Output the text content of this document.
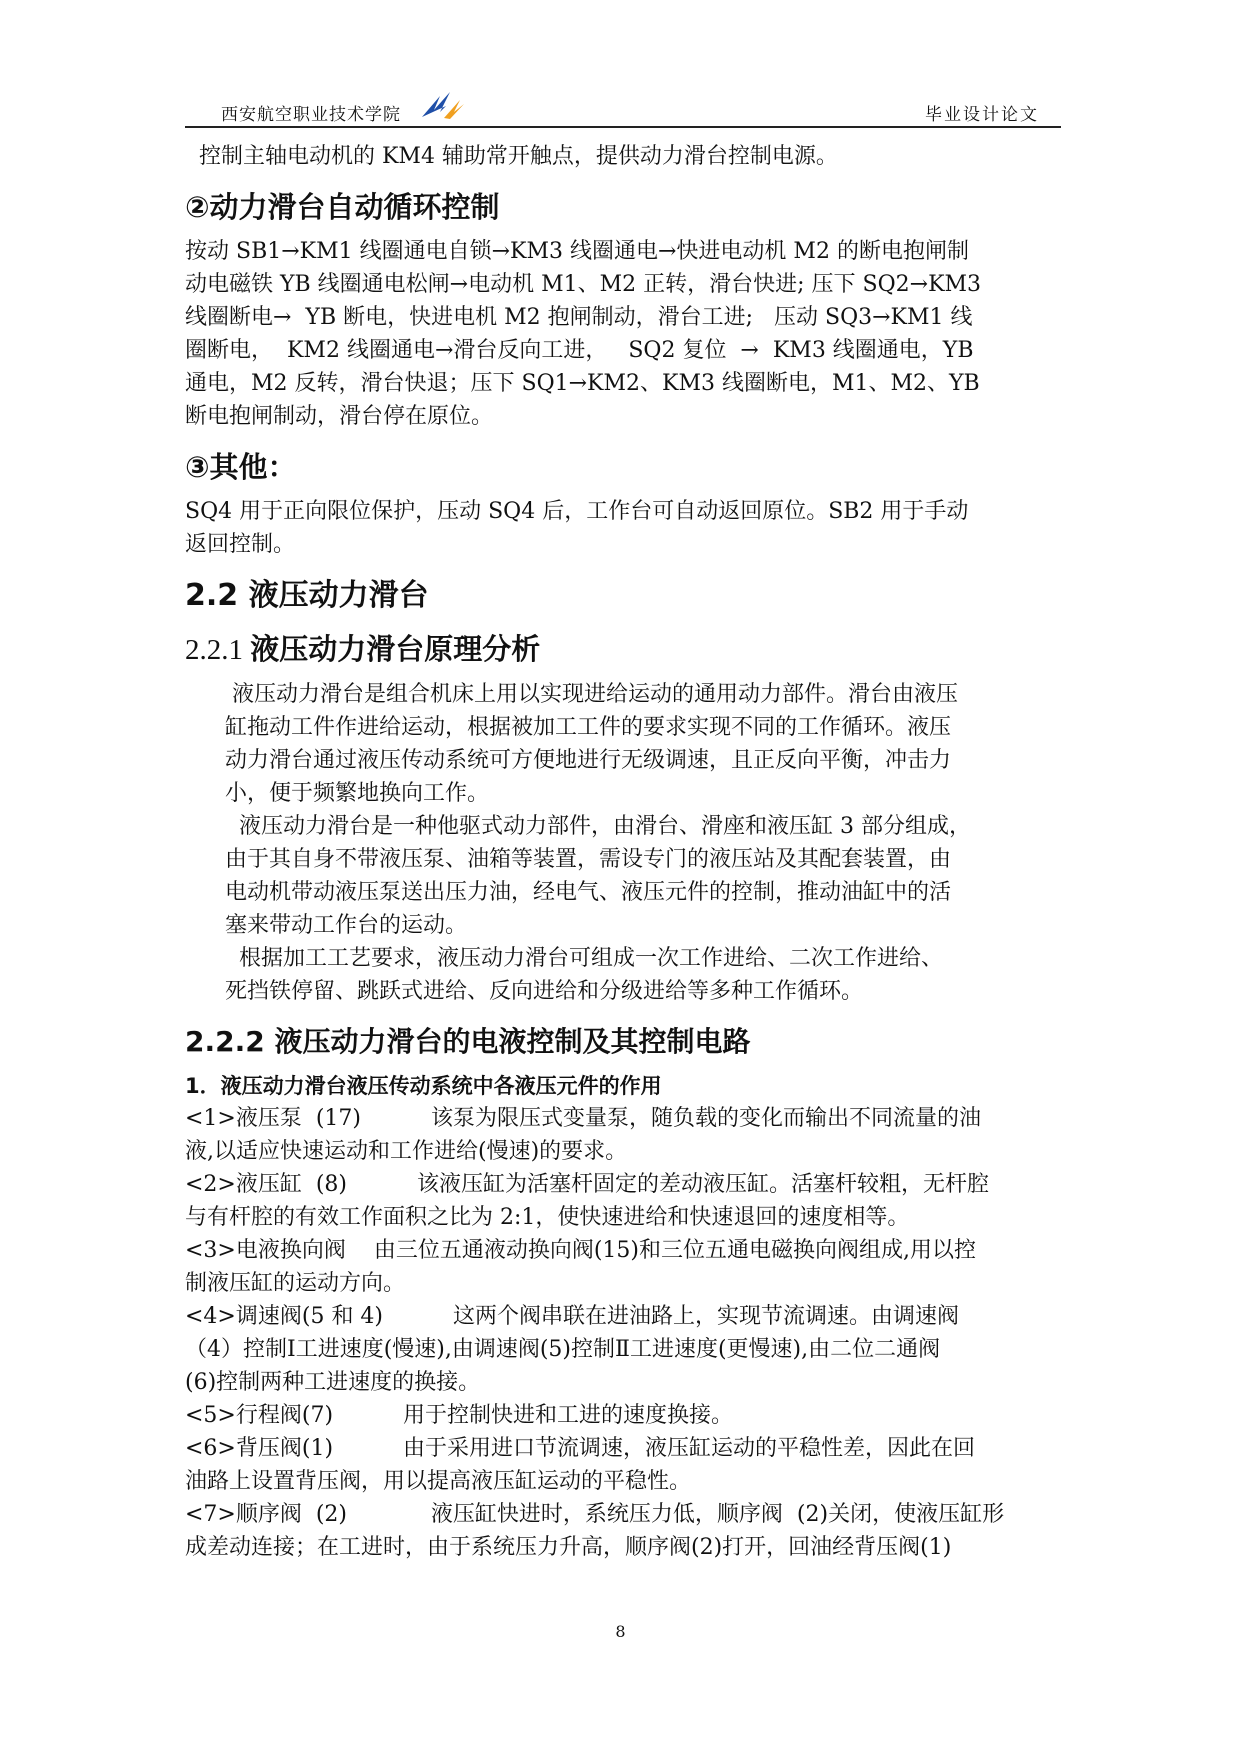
西安航空职业技术学院	毕业设计论文

控制主轴电动机的 KM4 辅助常开触点，提供动力滑台控制电源。

②动力滑台自动循环控制

按动 SB1→KM1 线圈通电自锁→KM3 线圈通电→快进电动机 M2 的断电抱闸制

动电磁铁 YB 线圈通电松闸→电动机 M1、M2 正转，滑台快进; 压下 SQ2→KM3

线圈断电→  YB 断电，快进电机 M2 抱闸制动，滑台工进;   压动 SQ3→KM1 线

圈断电，  KM2 线圈通电→滑台反向工进，   SQ2 复位  →  KM3 线圈通电，YB

通电，M2 反转，滑台快退；压下 SQ1→KM2、KM3 线圈断电，M1、M2、YB

断电抱闸制动，滑台停在原位。

③其他：

SQ4 用于正向限位保护，压动 SQ4 后，工作台可自动返回原位。SB2 用于手动

返回控制。

2.2 液压动力滑台
2.2.1 液压动力滑台原理分析

液压动力滑台是组合机床上用以实现进给运动的通用动力部件。滑台由液压

缸拖动工件作进给运动，根据被加工工件的要求实现不同的工作循环。液压

动力滑台通过液压传动系统可方便地进行无级调速，且正反向平衡，冲击力

小，便于频繁地换向工作。

液压动力滑台是一种他驱式动力部件，由滑台、滑座和液压缸 3 部分组成，

由于其自身不带液压泵、油箱等装置，需设专门的液压站及其配套装置，由

电动机带动液压泵送出压力油，经电气、液压元件的控制，推动油缸中的活

塞来带动工作台的运动。

根据加工工艺要求，液压动力滑台可组成一次工作进给、二次工作进给、

死挡铁停留、跳跃式进给、反向进给和分级进给等多种工作循环。

2.2.2 液压动力滑台的电液控制及其控制电路
1．液压动力滑台液压传动系统中各液压元件的作用

<1>液压泵  (17)          该泵为限压式变量泵，随负载的变化而输出不同流量的油

液,以适应快速运动和工作进给(慢速)的要求。

<2>液压缸  (8)          该液压缸为活塞杆固定的差动液压缸。活塞杆较粗，无杆腔

与有杆腔的有效工作面积之比为 2:1，使快速进给和快速退回的速度相等。

<3>电液换向阀    由三位五通液动换向阀(15)和三位五通电磁换向阀组成,用以控

制液压缸的运动方向。

<4>调速阀(5 和 4)          这两个阀串联在进油路上，实现节流调速。由调速阀

（4）控制Ⅰ工进速度(慢速),由调速阀(5)控制Ⅱ工进速度(更慢速),由二位二通阀

(6)控制两种工进速度的换接。

<5>行程阀(7)          用于控制快进和工进的速度换接。

<6>背压阀(1)          由于采用进口节流调速，液压缸运动的平稳性差，因此在回

油路上设置背压阀，用以提高液压缸运动的平稳性。

<7>顺序阀  (2)            液压缸快进时，系统压力低，顺序阀  (2)关闭，使液压缸形

成差动连接；在工进时，由于系统压力升高，顺序阀(2)打开，回油经背压阀(1)

8
